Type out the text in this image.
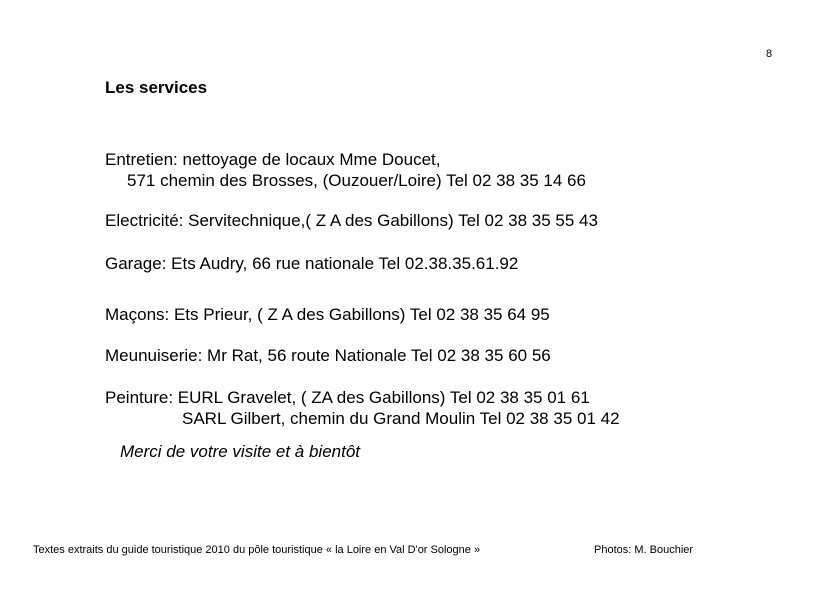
8
Les services
Entretien: nettoyage de locaux Mme Doucet,
571 chemin des Brosses, (Ouzouer/Loire) Tel 02 38 35 14 66
Electricité: Servitechnique,( Z A des Gabillons) Tel 02 38 35 55 43
Garage: Ets Audry, 66 rue nationale Tel 02.38.35.61.92
Maçons: Ets Prieur, ( Z A des Gabillons) Tel 02 38 35 64 95
Meunuiserie: Mr Rat, 56 route Nationale Tel 02 38 35 60 56
Peinture: EURL Gravelet, ( ZA des Gabillons) Tel 02 38 35 01 61
SARL Gilbert, chemin du Grand Moulin Tel 02 38 35 01 42
Merci de votre visite et à bientôt
Textes extraits du guide touristique 2010 du pôle touristique « la Loire en Val D'or Sologne »	Photos: M. Bouchier
